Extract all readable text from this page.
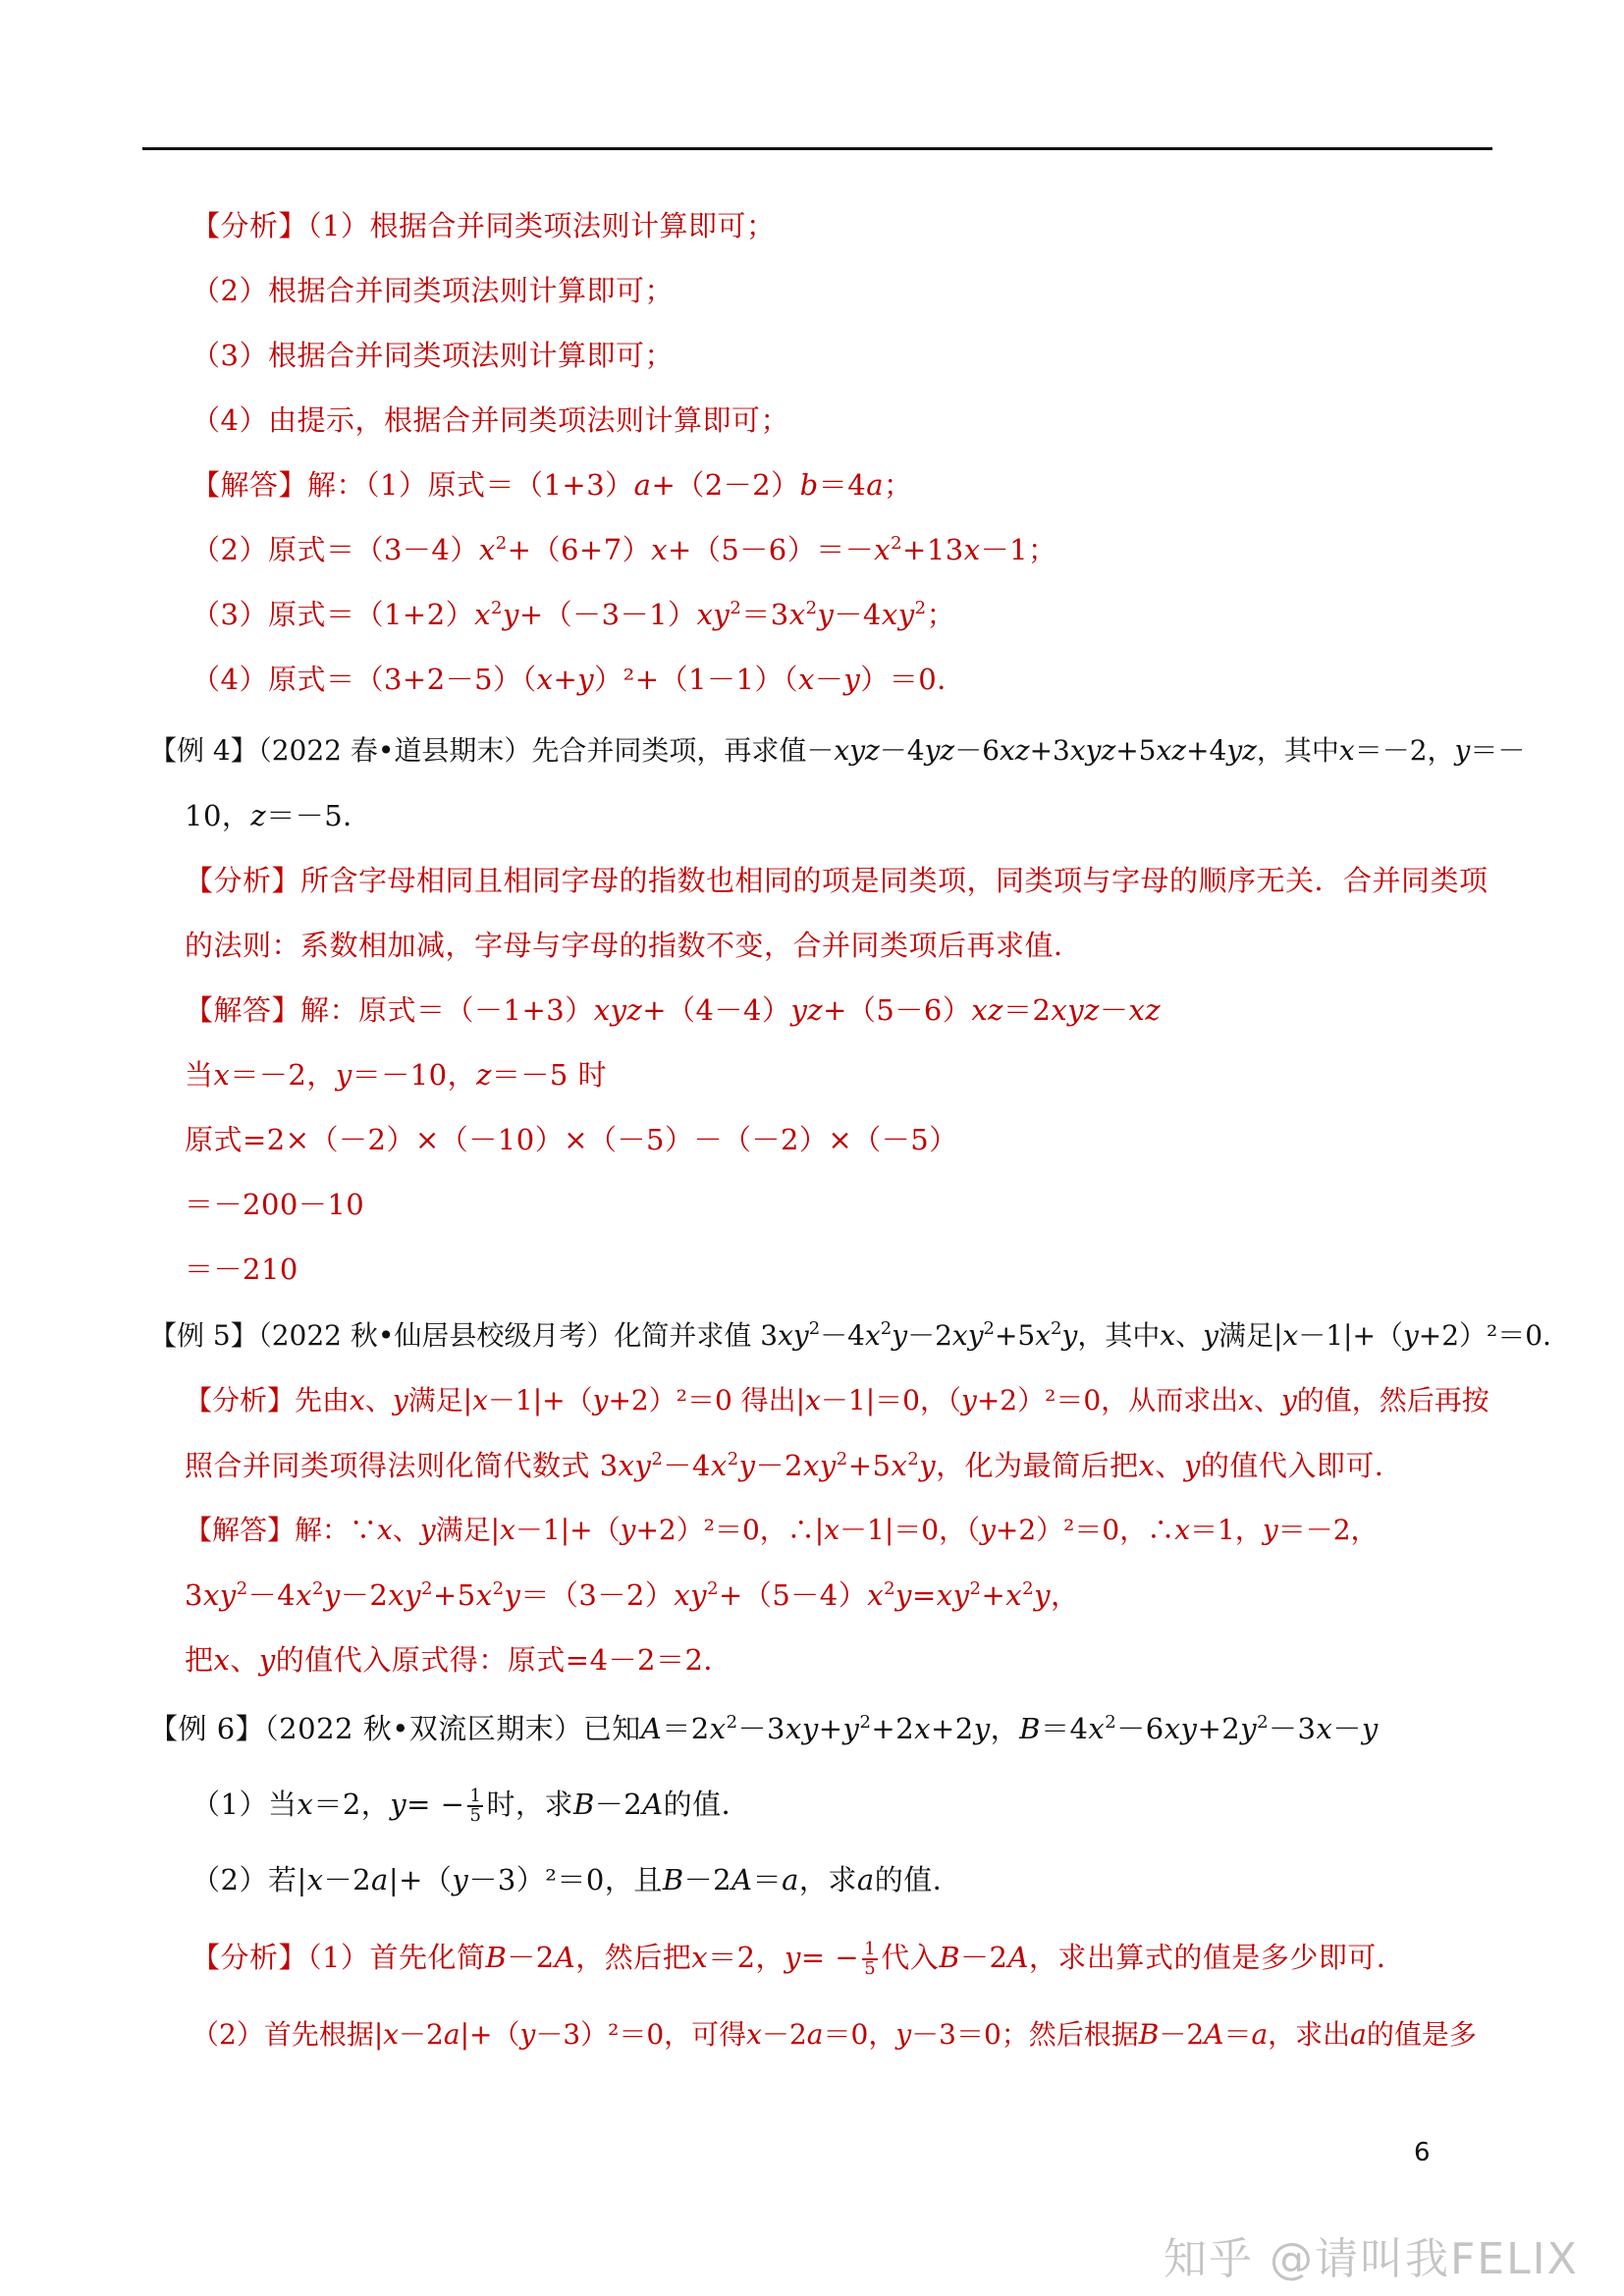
【分析】（1）根据合并同类项法则计算即可；
（2）根据合并同类项法则计算即可；
（3）根据合并同类项法则计算即可；
（4）由提示，根据合并同类项法则计算即可；
【解答】解：（1）原式＝（1+3）a+（2－2）b＝4a；
（2）原式$=(3-4)x^2+(6+7)x+(5-6)=-x^2+13x-1$；
（3）原式$=(1+2)x^2y+(-3-1)xy^2=3x^2y-4xy^2$；
（4）原式＝（3+2－5）（x+y）²+（1－1）（x－y）＝0．
【例 4】（2022 春•道县期末）先合并同类项，再求值－xyz－4yz－6xz+3xyz+5xz+4yz，其中x＝－2，y＝－
10，z＝－5．
【分析】所含字母相同且相同字母的指数也相同的项是同类项，同类项与字母的顺序无关．合并同类项
的法则：系数相加减，字母与字母的指数不变，合并同类项后再求值．
【解答】解：原式＝（－1+3）xyz+（4－4）yz+（5－6）xz＝2xyz－xz
当x＝－2，y＝－10，z＝－5 时
原式=2×（－2）×（－10）×（－5）－（－2）×（－5）
＝－200－10
＝－210
【例 5】（2022 秋•仙居县校级月考）化简并求值 $3xy^2-4x^2y-2xy^2+5x^2y$，其中x、y满足|x－1|+（y+2）²＝0．
【分析】先由x、y满足|x－1|+（y+2）²＝0 得出|x－1|＝0，（y+2）²＝0，从而求出x、y的值，然后再按
照合并同类项得法则化简代数式 $3xy^2-4x^2y-2xy^2+5x^2y$，化为最简后把x、y的值代入即可．
【解答】解：∵x、y满足|x－1|+（y+2）²＝0，∴|x－1|＝0，（y+2）²＝0，∴x＝1，y＝－2，
$3xy^2-4x^2y-2xy^2+5x^2y=(3-2)xy^2+(5-4)x^2y=xy^2+x^2y$，
把x、y的值代入原式得：原式=4－2＝2．
【例 6】（2022 秋•双流区期末）已知$A=2x^2-3xy+y^2+2x+2y$，$B=4x^2-6xy+2y^2-3x-y$
（1）当x＝2，$y= - \frac{1}{5}$ 时，求B－2A的值．
（2）若|x－2a|+（y－3）²＝0，且B－2A＝a，求a的值．
【分析】（1）首先化简B－2A，然后把x＝2，$y= - \frac{1}{5}$ 代入B－2A，求出算式的值是多少即可．
（2）首先根据|x－2a|+（y－3）²＝0，可得x－2a＝0，y－3＝0；然后根据B－2A＝a，求出a的值是多
6
知乎 @请叫我FELIX
